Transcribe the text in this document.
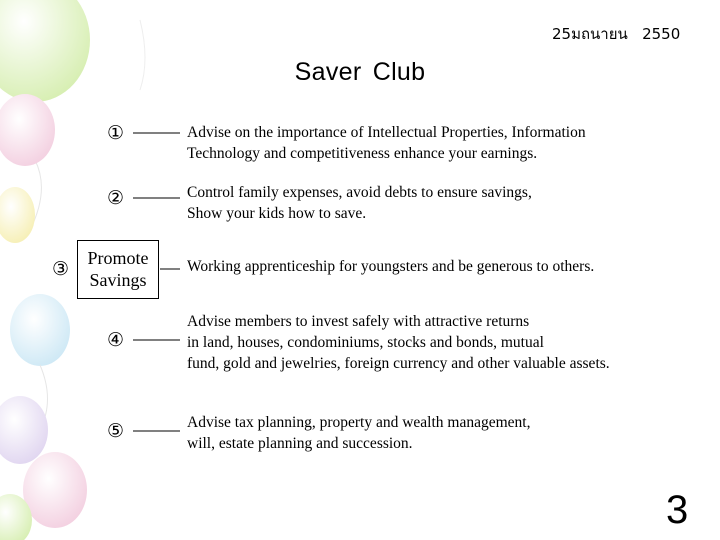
25มถนายน   2550
Saver Club
①
②
③
④
⑤
Promote
Savings
Advise on the importance of Intellectual Properties, Information
Technology and competitiveness enhance your earnings.
Control family expenses, avoid debts to ensure savings,
Show your kids how to save.
Working apprenticeship for youngsters and be generous to others.
Advise members to invest safely with attractive returns
in land, houses, condominiums, stocks and bonds, mutual
fund, gold and jewelries, foreign currency and other valuable assets.
Advise tax planning, property and wealth management,
will, estate planning and succession.
3
